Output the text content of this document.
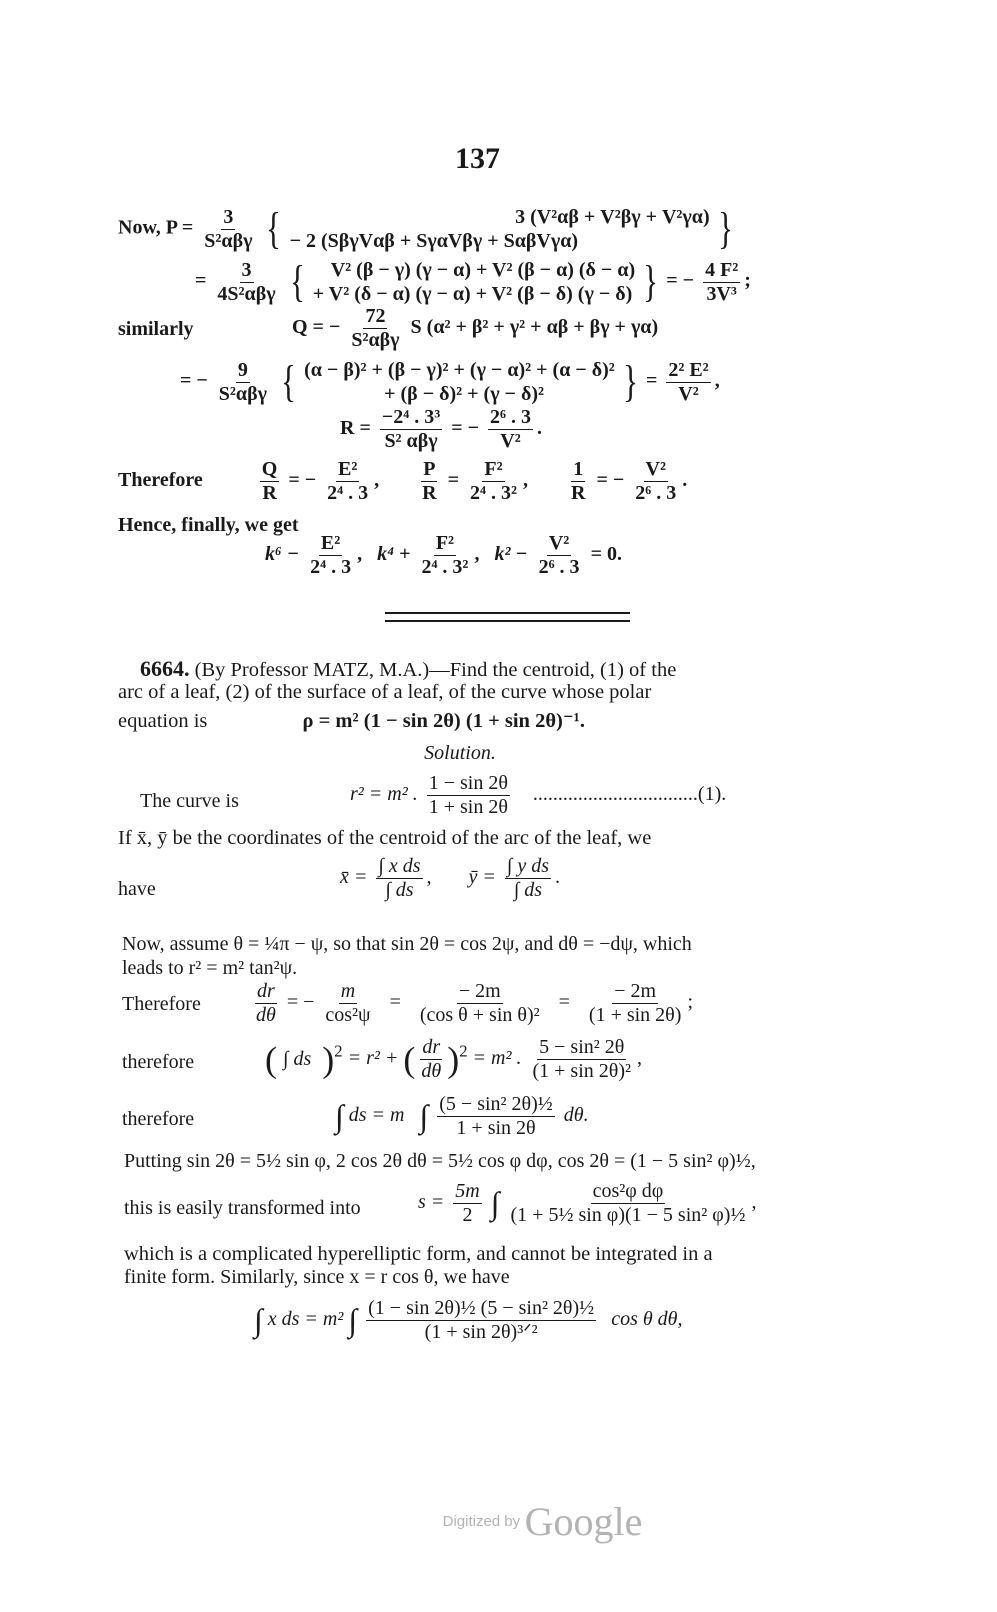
137
Now, $P = \frac{3}{\text{S²αβγ}}$ {	3 (V²αβ + V²βγ + V²γα)
− 2 (SβγVαβ + SγαVβγ + SαβVγα)	}
= $\frac{3}{\text{4S²αβγ}}$ {	V² (β − γ) (γ − α) + V² (β − α) (δ − α)
+ V² (δ − α) (γ − α) + V² (β − δ) (γ − δ) } = − $\frac{\text{4 F²}}{\text{3V³}}$ ;
similarly	Q = − $\frac{72}{\text{S²αβγ}}$ S (α² + β² + γ² + αβ + βγ + γα)
= − $\frac{9}{\text{S²αβγ}}$ { (α − β)² + (β − γ)² + (γ − α)² + (α − δ)²
+ (β − δ)² + (γ − δ)²	} = $\frac{\text{2² E²}}{\text{V²}}$ ,
$R = \frac{\text{−2⁴ . 3³}}{\text{S² αβγ}}$ = − $\frac{\text{2⁶ . 3}}{\text{V²}}$ .
Therefore	$\frac{Q}{R}$ = − $\frac{\text{E²}}{\text{2⁴ . 3}}$ , $\frac{P}{R} = \frac{\text{F²}}{\text{2⁴ . 3²}}$ , $\frac{1}{R}$ = − $\frac{\text{V²}}{\text{2⁶ . 3}}$ .
Hence, finally, we get
$k^6 - \frac{\text{E²}}{\text{2⁴ . 3}}$ , $k^4 + \frac{\text{F²}}{\text{2⁴ . 3²}}$ , $k^2 - \frac{\text{V²}}{\text{2⁶ . 3}} = 0$.
6664. (By Professor MATZ, M.A.)—Find the centroid, (1) of the
arc of a leaf, (2) of the surface of a leaf, of the curve whose polar
equation is	ρ = m² (1 − sin 2θ) (1 + sin 2θ)⁻¹.
Solution.
The curve is	r² = m² . $\frac{1 - \sin 2\theta}{1 + \sin 2\theta} .................................(1)$.
If x̄, ȳ be the coordinates of the centroid of the arc of the leaf, we
have
x̄ = $\frac{\text{∫ x ds}}{\int ds}$ , ȳ = $\frac{\text{∫ y ds}}{\int ds}$ .
Now, assume θ = ¼π − ψ, so that sin 2θ = cos 2ψ, and dθ = −dψ, which
leads to r² = m² tan²ψ.
Therefore	$\frac{dr}{d\theta}$ = − $\frac{m}{\text{cos²ψ}} = \frac{- 2m}{\text{(cos θ + sin θ)²}} = \frac{- 2m}{(1 + \sin 2\theta)}$ ;
therefore ( ∫ ds )$^2$ = r² + ( $\frac{dr}{d\theta} )^2 = m^2$ . $\frac{\text{5 − sin² 2θ}}{\text{(1 + sin 2θ)²}}$ ,
therefore	∫ ds = m ∫ $\frac{\text{(5 − sin² 2θ)½}}{1 + \sin 2\theta} d\theta$.
Putting sin 2θ = 5½ sin φ, 2 cos 2θ dθ = 5½ cos φ dφ, cos 2θ = (1 − 5 sin² φ)½,
this is easily transformed into	$s = \frac{5m}{2}$ ∫ $\frac{\text{cos²φ dφ}}{\text{(1 + 5½ sin φ)(1 − 5 sin² φ)½}}$ ,
which is a complicated hyperelliptic form, and cannot be integrated in a
finite form. Similarly, since x = r cos θ, we have
∫ x ds = m² ∫ $\frac{\text{(1 − sin 2θ)½ (5 − sin² 2θ)½}}{\text{(1 + sin 2θ)³ᐟ²}}$ cos θ dθ,
Digitized by Google
